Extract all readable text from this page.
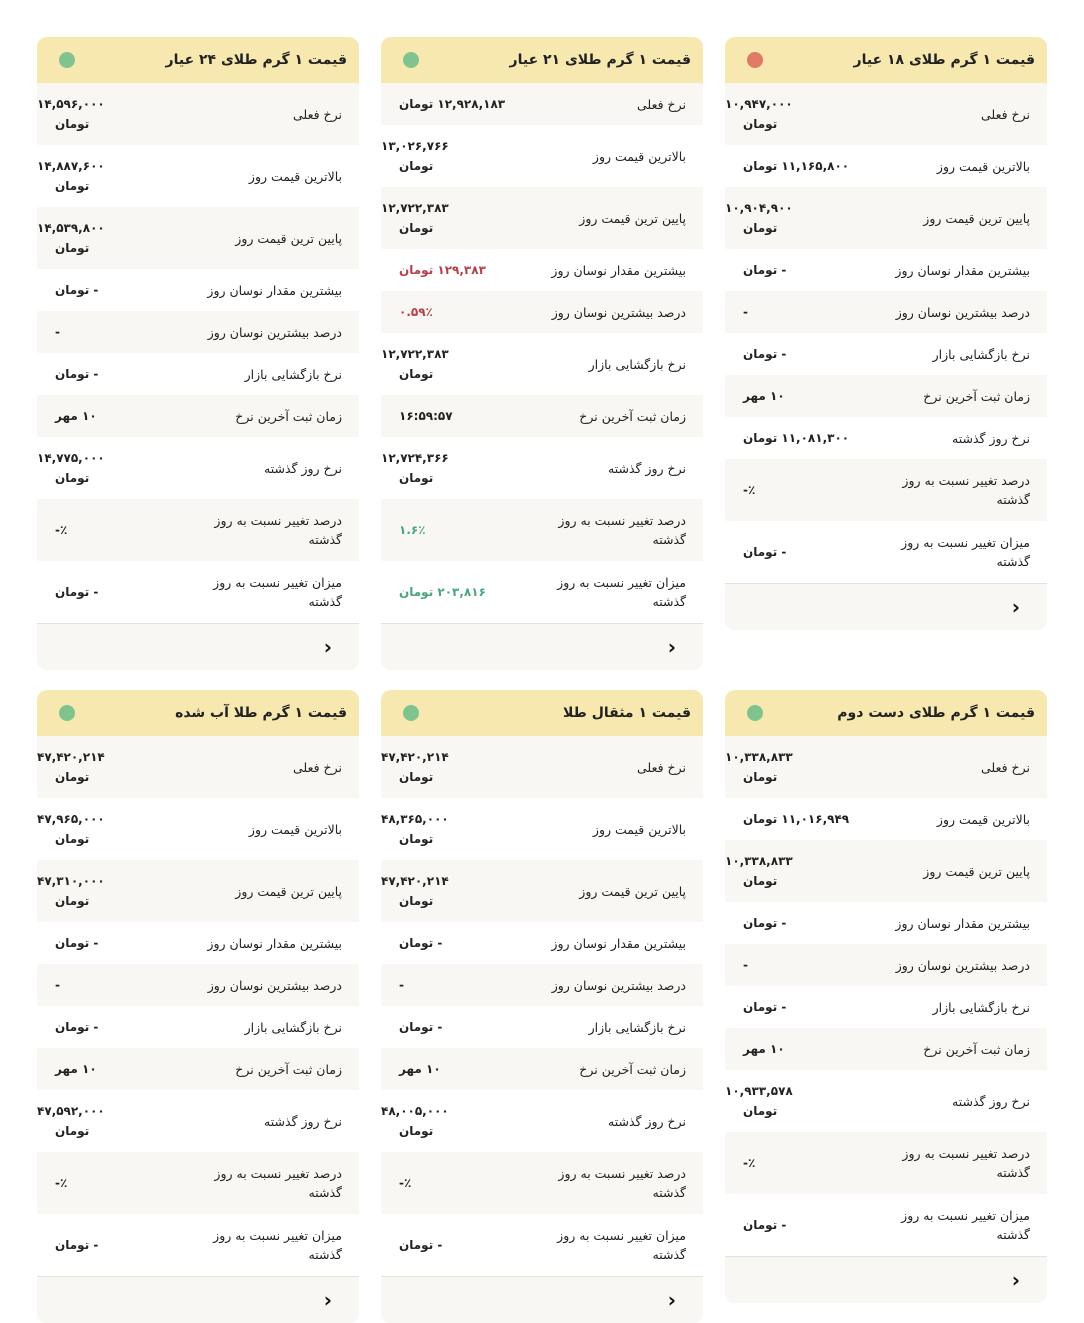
قیمت ۱ گرم طلای ۱۸ عیار
نرخ فعلی
۱۰,۹۴۷,۰۰۰
تومان
بالاترین قیمت روز
۱۱,۱۶۵,۸۰۰ تومان
پایین ترین قیمت روز
۱۰,۹۰۴,۹۰۰
تومان
بیشترین مقدار نوسان روز
- تومان
درصد بیشترین نوسان روز
-
نرخ بازگشایی بازار
- تومان
زمان ثبت آخرین نرخ
۱۰ مهر
نرخ روز گذشته
۱۱,۰۸۱,۳۰۰ تومان
درصد تغییر نسبت به روز گذشته
٪-
میزان تغییر نسبت به روز گذشته
- تومان
‹
قیمت ۱ گرم طلای ۲۱ عیار
نرخ فعلی
۱۲,۹۲۸,۱۸۳ تومان
بالاترین قیمت روز
۱۳,۰۲۶,۷۶۶
تومان
پایین ترین قیمت روز
۱۲,۷۲۲,۳۸۳
تومان
بیشترین مقدار نوسان روز
۱۲۹,۳۸۳ تومان
درصد بیشترین نوسان روز
۰.۵۹٪
نرخ بازگشایی بازار
۱۲,۷۲۲,۳۸۳
تومان
زمان ثبت آخرین نرخ
۱۶:۵۹:۵۷
نرخ روز گذشته
۱۲,۷۲۴,۳۶۶
تومان
درصد تغییر نسبت به روز گذشته
۱.۶٪
میزان تغییر نسبت به روز گذشته
۲۰۳,۸۱۶ تومان
‹
قیمت ۱ گرم طلای ۲۴ عیار
نرخ فعلی
۱۴,۵۹۶,۰۰۰
تومان
بالاترین قیمت روز
۱۴,۸۸۷,۶۰۰
تومان
پایین ترین قیمت روز
۱۴,۵۳۹,۸۰۰
تومان
بیشترین مقدار نوسان روز
- تومان
درصد بیشترین نوسان روز
-
نرخ بازگشایی بازار
- تومان
زمان ثبت آخرین نرخ
۱۰ مهر
نرخ روز گذشته
۱۴,۷۷۵,۰۰۰
تومان
درصد تغییر نسبت به روز گذشته
٪-
میزان تغییر نسبت به روز گذشته
- تومان
‹
قیمت ۱ گرم طلای دست دوم
نرخ فعلی
۱۰,۳۳۸,۸۳۳
تومان
بالاترین قیمت روز
۱۱,۰۱۶,۹۴۹ تومان
پایین ترین قیمت روز
۱۰,۳۳۸,۸۳۳
تومان
بیشترین مقدار نوسان روز
- تومان
درصد بیشترین نوسان روز
-
نرخ بازگشایی بازار
- تومان
زمان ثبت آخرین نرخ
۱۰ مهر
نرخ روز گذشته
۱۰,۹۳۳,۵۷۸
تومان
درصد تغییر نسبت به روز گذشته
٪-
میزان تغییر نسبت به روز گذشته
- تومان
‹
قیمت ۱ مثقال طلا
نرخ فعلی
۴۷,۴۲۰,۲۱۴
تومان
بالاترین قیمت روز
۴۸,۳۶۵,۰۰۰
تومان
پایین ترین قیمت روز
۴۷,۴۲۰,۲۱۴
تومان
بیشترین مقدار نوسان روز
- تومان
درصد بیشترین نوسان روز
-
نرخ بازگشایی بازار
- تومان
زمان ثبت آخرین نرخ
۱۰ مهر
نرخ روز گذشته
۴۸,۰۰۵,۰۰۰
تومان
درصد تغییر نسبت به روز گذشته
٪-
میزان تغییر نسبت به روز گذشته
- تومان
‹
قیمت ۱ گرم طلا آب شده
نرخ فعلی
۴۷,۴۲۰,۲۱۴
تومان
بالاترین قیمت روز
۴۷,۹۶۵,۰۰۰
تومان
پایین ترین قیمت روز
۴۷,۳۱۰,۰۰۰
تومان
بیشترین مقدار نوسان روز
- تومان
درصد بیشترین نوسان روز
-
نرخ بازگشایی بازار
- تومان
زمان ثبت آخرین نرخ
۱۰ مهر
نرخ روز گذشته
۴۷,۵۹۲,۰۰۰
تومان
درصد تغییر نسبت به روز گذشته
٪-
میزان تغییر نسبت به روز گذشته
- تومان
‹
